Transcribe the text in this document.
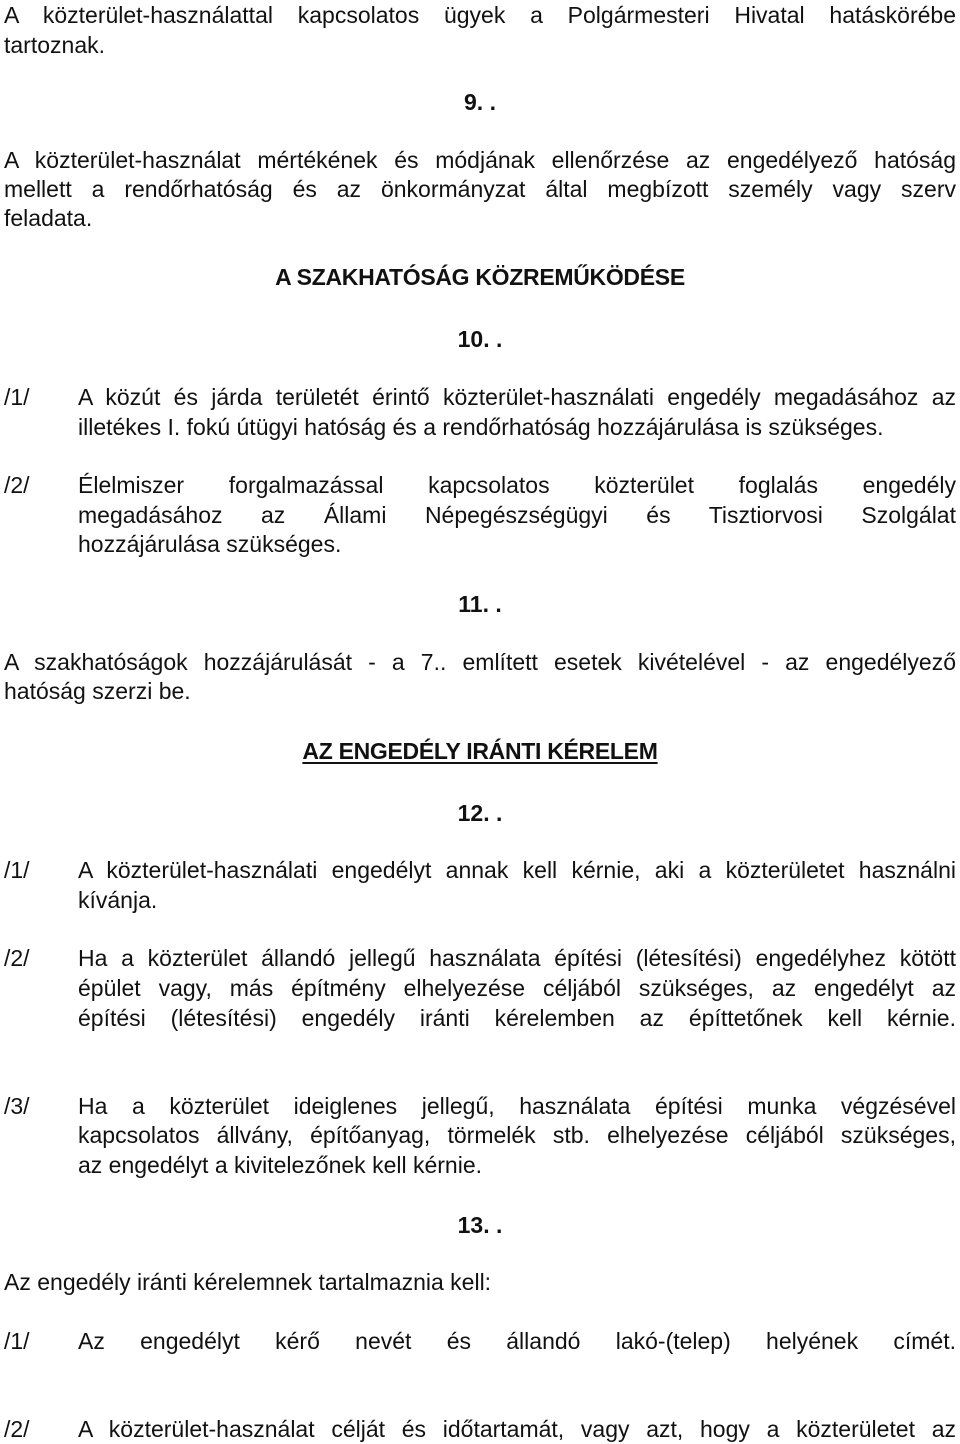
A közterület-használattal kapcsolatos ügyek a Polgármesteri Hivatal hatáskörébe
tartoznak.
9. .
A közterület-használat mértékének és módjának ellenőrzése az engedélyező hatóság
mellett a rendőrhatóság és az önkormányzat által megbízott személy vagy szerv
feladata.
A SZAKHATÓSÁG KÖZREMŰKÖDÉSE
10. .
/1/ A közút és járda területét érintő közterület-használati engedély megadásához az
illetékes I. fokú útügyi hatóság és a rendőrhatóság hozzájárulása is szükséges.
/2/ Élelmiszer forgalmazással kapcsolatos közterület foglalás engedély
megadásához az Állami Népegészségügyi és Tisztiorvosi Szolgálat
hozzájárulása szükséges.
11. .
A szakhatóságok hozzájárulását - a 7.. említett esetek kivételével - az engedélyező
hatóság szerzi be.
AZ ENGEDÉLY IRÁNTI KÉRELEM
12. .
/1/ A közterület-használati engedélyt annak kell kérnie, aki a közterületet használni
kívánja.
/2/ Ha a közterület állandó jellegű használata építési (létesítési) engedélyhez kötött
épület vagy, más építmény elhelyezése céljából szükséges, az engedélyt az
építési (létesítési) engedély iránti kérelemben az építtetőnek kell kérnie.
/3/ Ha a közterület ideiglenes jellegű, használata építési munka végzésével
kapcsolatos állvány, építőanyag, törmelék stb. elhelyezése céljából szükséges,
az engedélyt a kivitelezőnek kell kérnie.
13. .
Az engedély iránti kérelemnek tartalmaznia kell:
/1/ Az engedélyt kérő nevét és állandó lakó-(telep) helyének címét.
/2/ A közterület-használat célját és időtartamát, vagy azt, hogy a közterületet az
